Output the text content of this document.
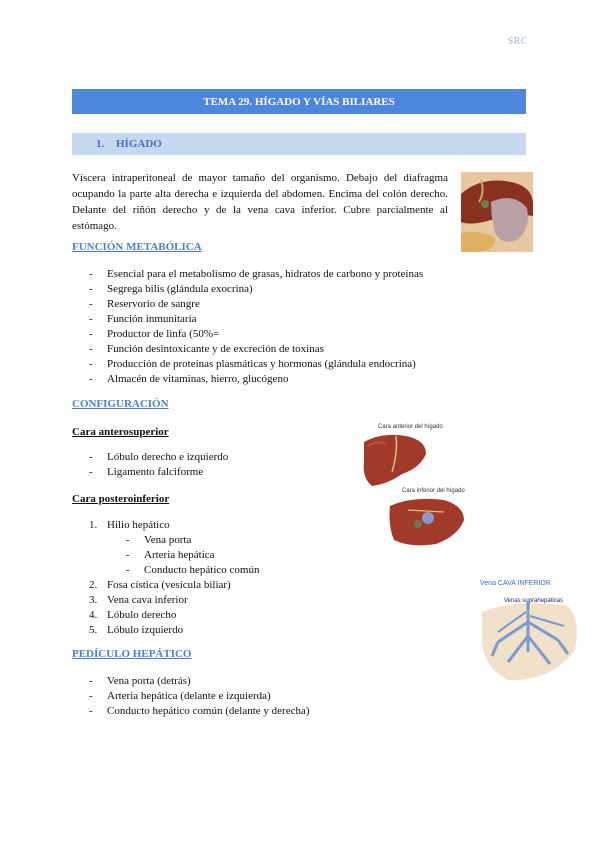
SRC
TEMA 29. HÍGADO Y VÍAS BILIARES
1.	HÍGADO

Víscera intraperitoneal de mayor tamaño del organismo. Debajo del diafragma ocupando la parte alta derecha e izquierda del abdomen. Encima del colón derecho. Delante del riñón derecho y de la vena cava inferior. Cubre parcialmente al estómago.

FUNCIÓN METABÓLICA
- Esencial para el metabolismo de grasas, hidratos de carbono y proteínas
- Segrega bilis (glándula exocrina)
- Reservorio de sangre
- Función inmunitaria
- Productor de linfa (50%=
- Función desintoxicante y de excreción de toxinas
- Producción de proteínas plasmáticas y hormonas (glándula endocrina)
- Almacén de vitaminas, hierro, glucógeno
CONFIGURACIÓN
Cara anterosuperior
- Lóbulo derecho e izquierdo
- Ligamento falciforme
Cara posteroinferior
1. Hilio hepático
- Vena porta
- Arteria hepática
- Conducto hepático común
2. Fosa cística (vesícula biliar)
3. Vena cava inferior
4. Lóbulo derecho
5. Lóbulo izquierdo
Cara anterior del hígado
Cara inferior del hígado
Vena CAVA INFERIOR
Venas suprahepáticas
PEDÍCULO HEPÁTICO
- Vena porta (detrás)
- Arteria hepática (delante e izquierda)
- Conducto hepático común (delante y derecha)
